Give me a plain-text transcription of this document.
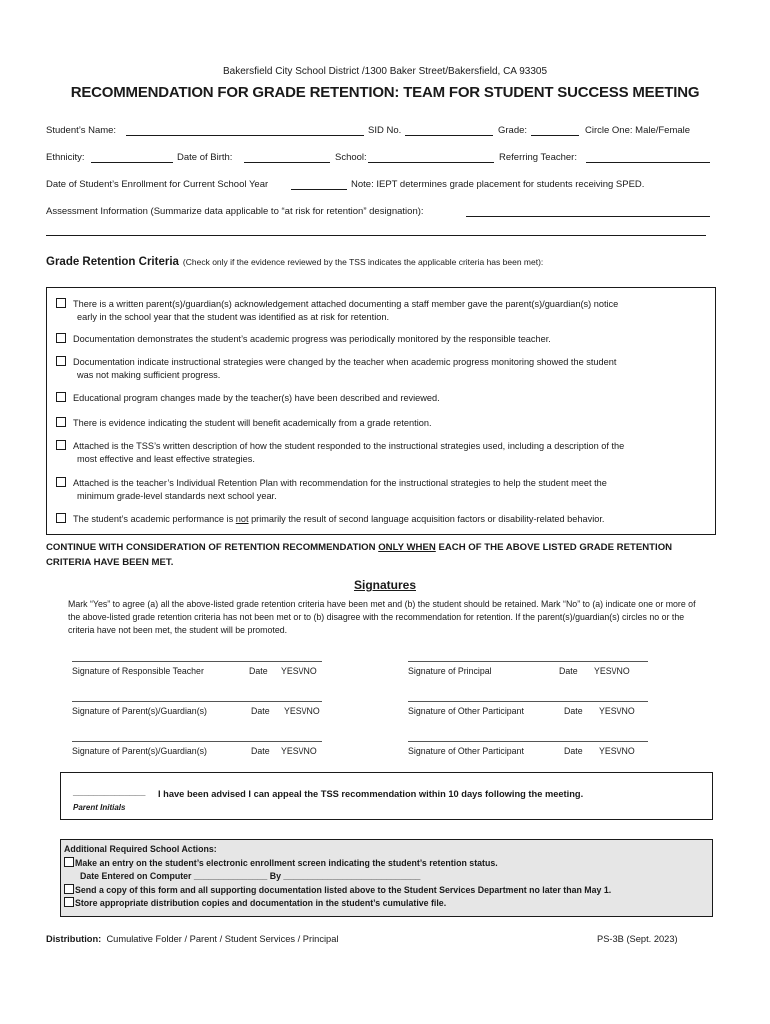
Bakersfield City School District /1300 Baker Street/Bakersfield, CA 93305
RECOMMENDATION FOR GRADE RETENTION: TEAM FOR STUDENT SUCCESS MEETING
Student’s Name:	SID No.	Grade:	Circle One: Male/Female
Ethnicity:	Date of Birth:	School:	Referring Teacher:
Date of Student’s Enrollment for Current School Year	Note: IEPT determines grade placement for students receiving SPED.
Assessment Information (Summarize data applicable to “at risk for retention” designation):
Grade Retention Criteria (Check only if the evidence reviewed by the TSS indicates the applicable criteria has been met):
There is a written parent(s)/guardian(s) acknowledgement attached documenting a staff member gave the parent(s)/guardian(s) notice
early in the school year that the student was identified as at risk for retention.
Documentation demonstrates the student’s academic progress was periodically monitored by the responsible teacher.
Documentation indicate instructional strategies were changed by the teacher when academic progress monitoring showed the student
was not making sufficient progress.
Educational program changes made by the teacher(s) have been described and reviewed.
There is evidence indicating the student will benefit academically from a grade retention.
Attached is the TSS’s written description of how the student responded to the instructional strategies used, including a description of the
most effective and least effective strategies.
Attached is the teacher’s Individual Retention Plan with recommendation for the instructional strategies to help the student meet the
minimum grade-level standards next school year.
The student’s academic performance is not primarily the result of second language acquisition factors or disability-related behavior.
CONTINUE WITH CONSIDERATION OF RETENTION RECOMMENDATION ONLY WHEN EACH OF THE ABOVE LISTED GRADE RETENTION CRITERIA HAVE BEEN MET.
Signatures
Mark “Yes” to agree (a) all the above-listed grade retention criteria have been met and (b) the student should be retained. Mark “No” to (a) indicate one or more of the above-listed grade retention criteria has not been met or to (b) disagree with the recommendation for retention. If the parent(s)/guardian(s) circles no or the criteria have not been met, the student will be promoted.
Signature of Responsible Teacher	Date YES\/NO	Signature of Principal	Date YES\/NO
Signature of Parent(s)/Guardian(s)	Date YES\/NO	Signature of Other Participant	Date YES\/NO
Signature of Parent(s)/Guardian(s)	Date YES\/NO	Signature of Other Participant	Date YES\/NO
______________ I have been advised I can appeal the TSS recommendation within 10 days following the meeting.
Parent Initials
Additional Required School Actions:
Make an entry on the student’s electronic enrollment screen indicating the student’s retention status.
Date Entered on Computer _______________ By ____________________________
Send a copy of this form and all supporting documentation listed above to the Student Services Department no later than May 1.
Store appropriate distribution copies and documentation in the student’s cumulative file.
Distribution: Cumulative Folder / Parent / Student Services / Principal	PS-3B (Sept. 2023)
